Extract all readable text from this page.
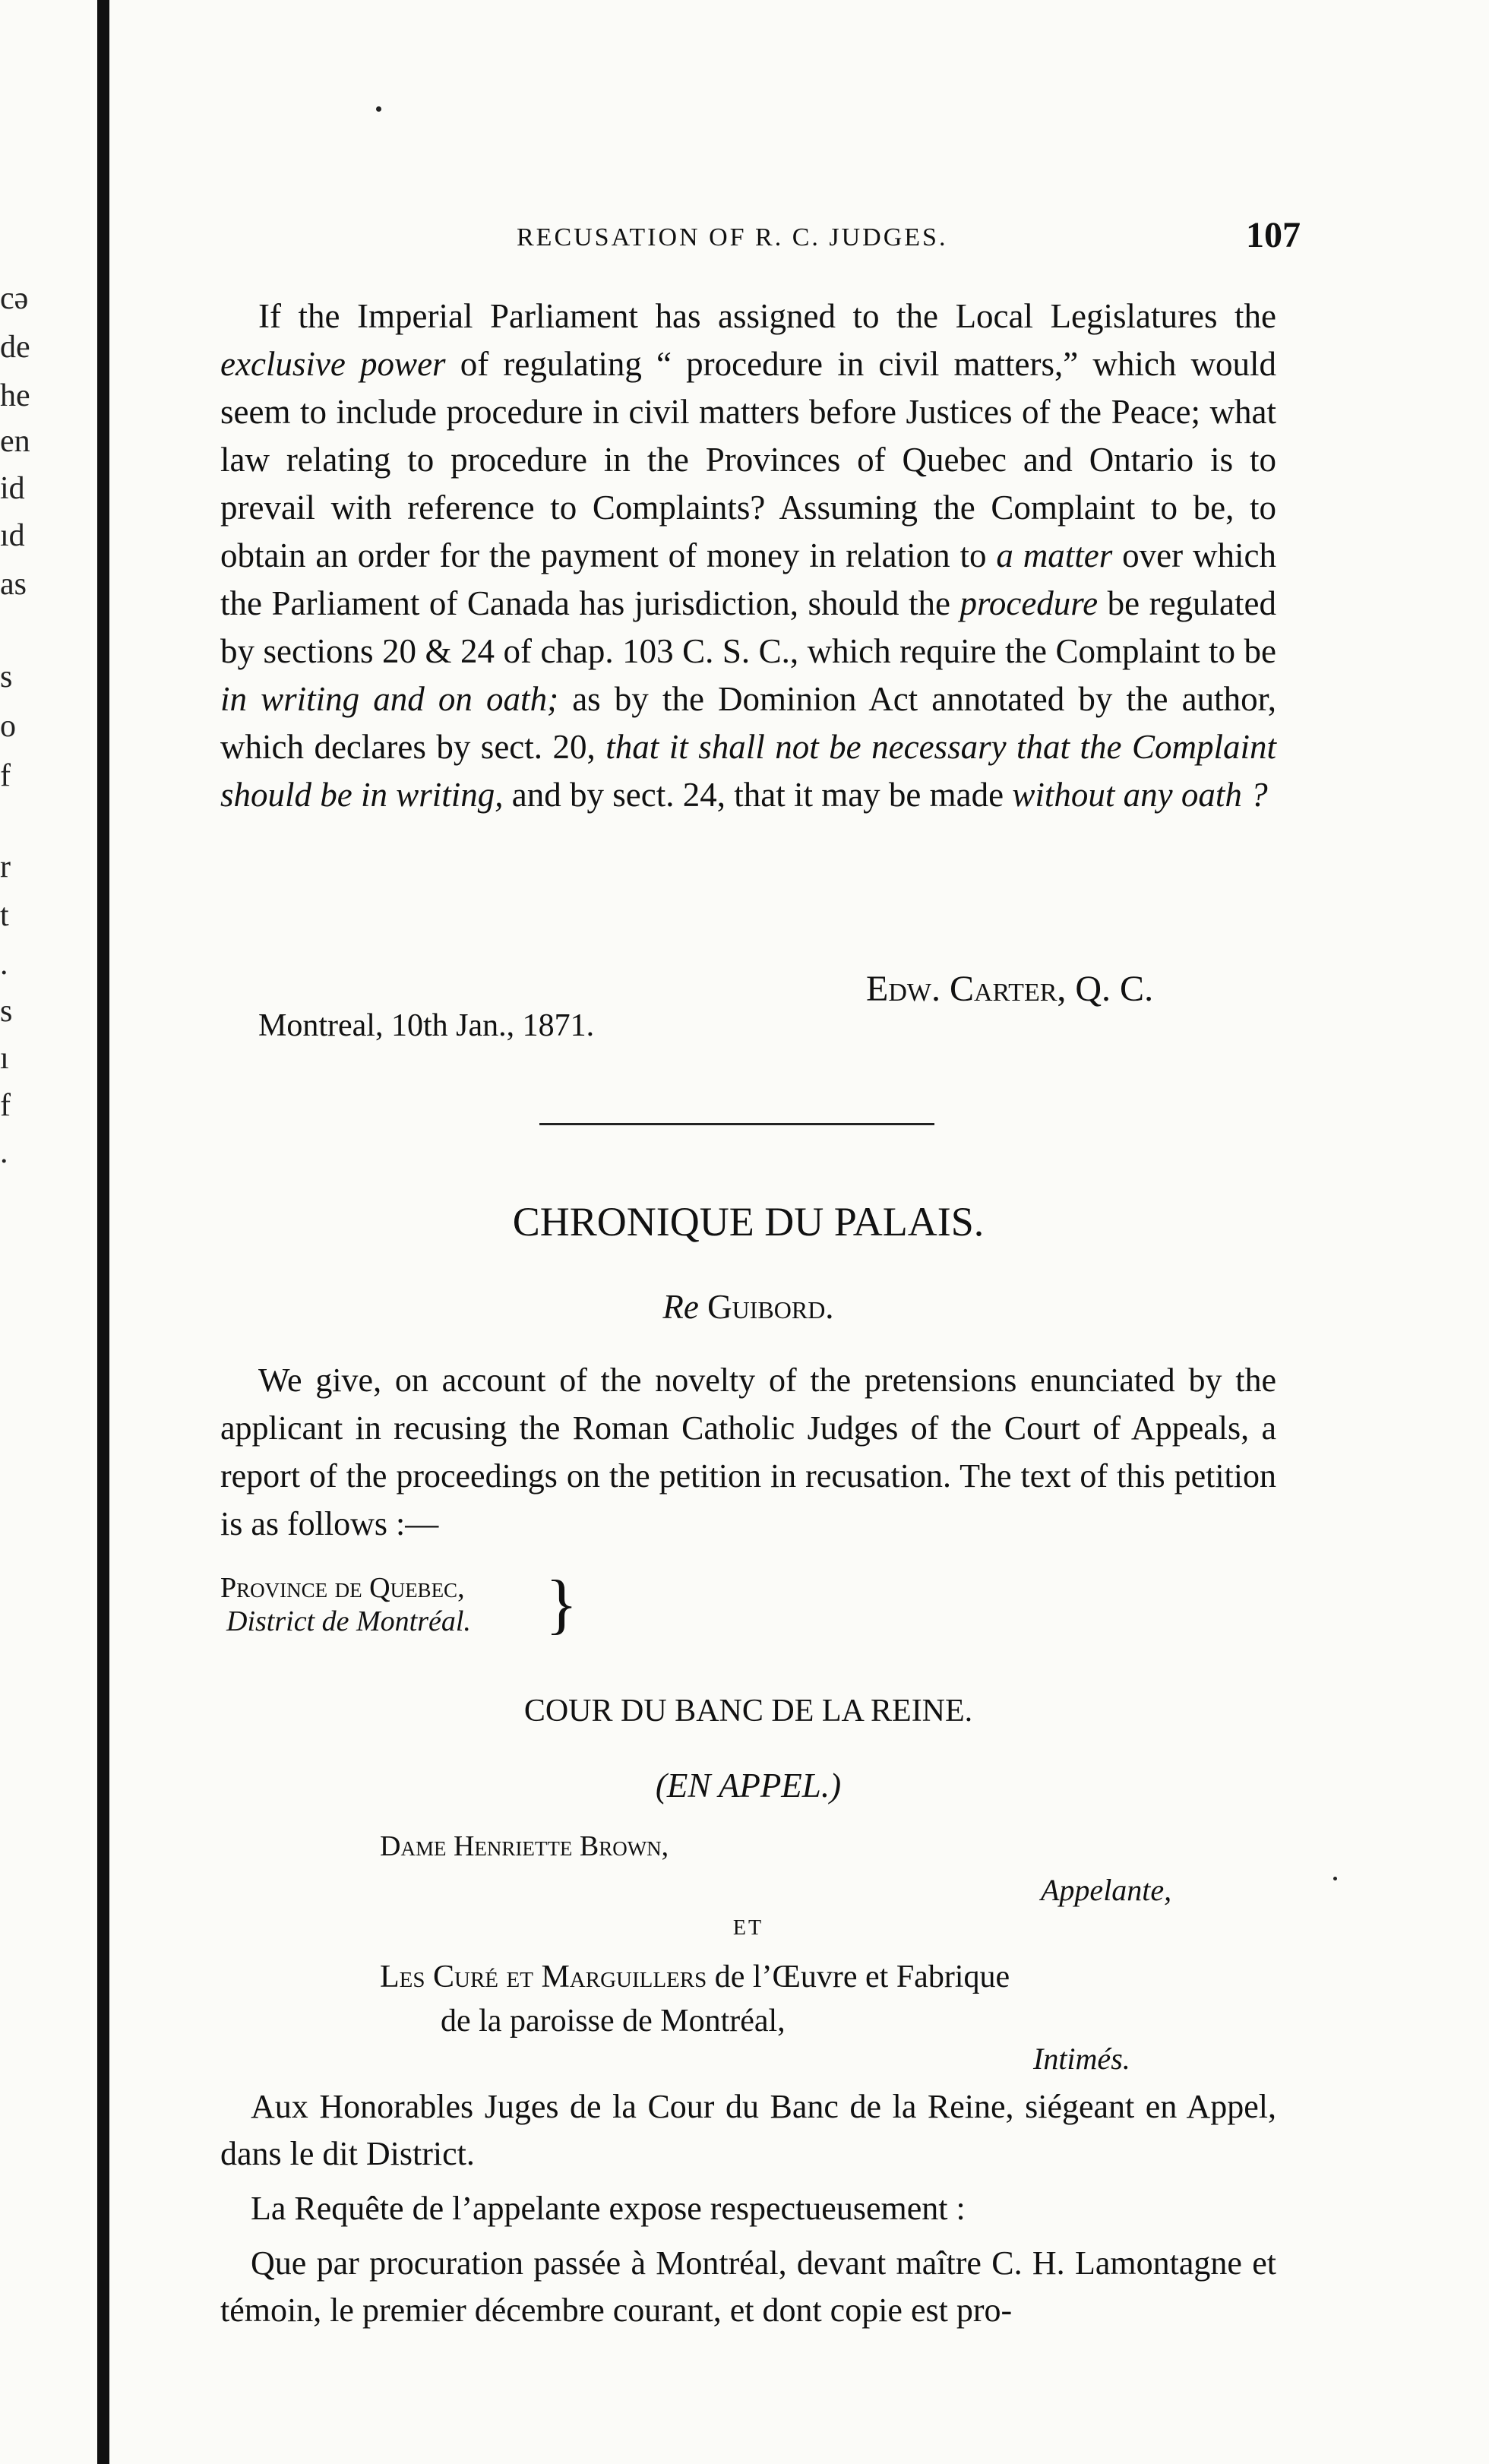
cə
de
he
en
id
ıd
as
s
o
f
r
t
.
s
ı
f
.
RECUSATION OF R. C. JUDGES.	107

If the Imperial Parliament has assigned to the Local Legislatures the exclusive power of regulating “ procedure in civil matters,” which would seem to include procedure in civil matters before Justices of the Peace; what law relating to procedure in the Provinces of Quebec and Ontario is to prevail with reference to Complaints? Assuming the Complaint to be, to obtain an order for the payment of money in relation to a matter over which the Parliament of Canada has jurisdiction, should the procedure be regulated by sections 20 & 24 of chap. 103 C. S. C., which require the Complaint to be in writing and on oath; as by the Dominion Act annotated by the author, which declares by sect. 20, that it shall not be necessary that the Complaint should be in writing, and by sect. 24, that it may be made without any oath ?

Edw. Carter, Q. C.
Montreal, 10th Jan., 1871.
CHRONIQUE DU PALAIS.
Re Guibord.

We give, on account of the novelty of the pretensions enunciated by the applicant in recusing the Roman Catholic Judges of the Court of Appeals, a report of the proceedings on the petition in recusation. The text of this petition is as follows :—

Province de Quebec,
District de Montréal. }
COUR DU BANC DE LA REINE.
(EN APPEL.)
Dame Henriette Brown,
Appelante,
ET
Les Curé et Marguillers de l’Œuvre et Fabrique
de la paroisse de Montréal,
Intimés.

Aux Honorables Juges de la Cour du Banc de la Reine, siégeant en Appel, dans le dit District.

La Requête de l’appelante expose respectueusement :

Que par procuration passée à Montréal, devant maître C. H. Lamontagne et témoin, le premier décembre courant, et dont copie est pro-
